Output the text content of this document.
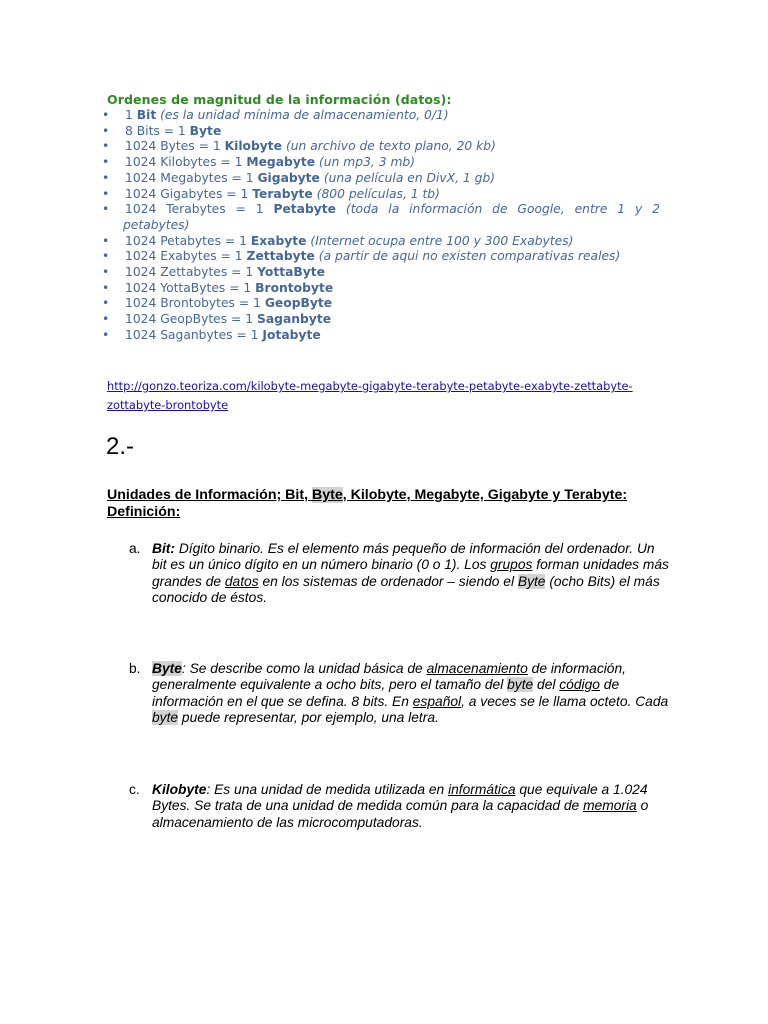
Ordenes de magnitud de la información (datos):
• 1 Bit (es la unidad mínima de almacenamiento, 0/1)
• 8 Bits = 1 Byte
• 1024 Bytes = 1 Kilobyte (un archivo de texto plano, 20 kb)
• 1024 Kilobytes = 1 Megabyte (un mp3, 3 mb)
• 1024 Megabytes = 1 Gigabyte (una película en DivX, 1 gb)
• 1024 Gigabytes = 1 Terabyte (800 películas, 1 tb)
• 1024 Terabytes = 1 Petabyte (toda la información de Google, entre 1 y 2
petabytes)
• 1024 Petabytes = 1 Exabyte (Internet ocupa entre 100 y 300 Exabytes)
• 1024 Exabytes = 1 Zettabyte (a partir de aqui no existen comparativas reales)
• 1024 Zettabytes = 1 YottaByte
• 1024 YottaBytes = 1 Brontobyte
• 1024 Brontobytes = 1 GeopByte
• 1024 GeopBytes = 1 Saganbyte
• 1024 Saganbytes = 1 Jotabyte
http://gonzo.teoriza.com/kilobyte-megabyte-gigabyte-terabyte-petabyte-exabyte-zettabyte-
zottabyte-brontobyte
2.-
Unidades de Información; Bit, Byte, Kilobyte, Megabyte, Gigabyte y Terabyte:
Definición:
a. Bit: Dígito binario. Es el elemento más pequeño de información del ordenador. Un bit es un único dígito en un número binario (0 o 1). Los grupos forman unidades más grandes de datos en los sistemas de ordenador – siendo el Byte (ocho Bits) el más conocido de éstos.
b. Byte: Se describe como la unidad básica de almacenamiento de información, generalmente equivalente a ocho bits, pero el tamaño del byte del código de información en el que se defina. 8 bits. En español, a veces se le llama octeto. Cada byte puede representar, por ejemplo, una letra.
c. Kilobyte: Es una unidad de medida utilizada en informática que equivale a 1.024 Bytes. Se trata de una unidad de medida común para la capacidad de memoria o almacenamiento de las microcomputadoras.
